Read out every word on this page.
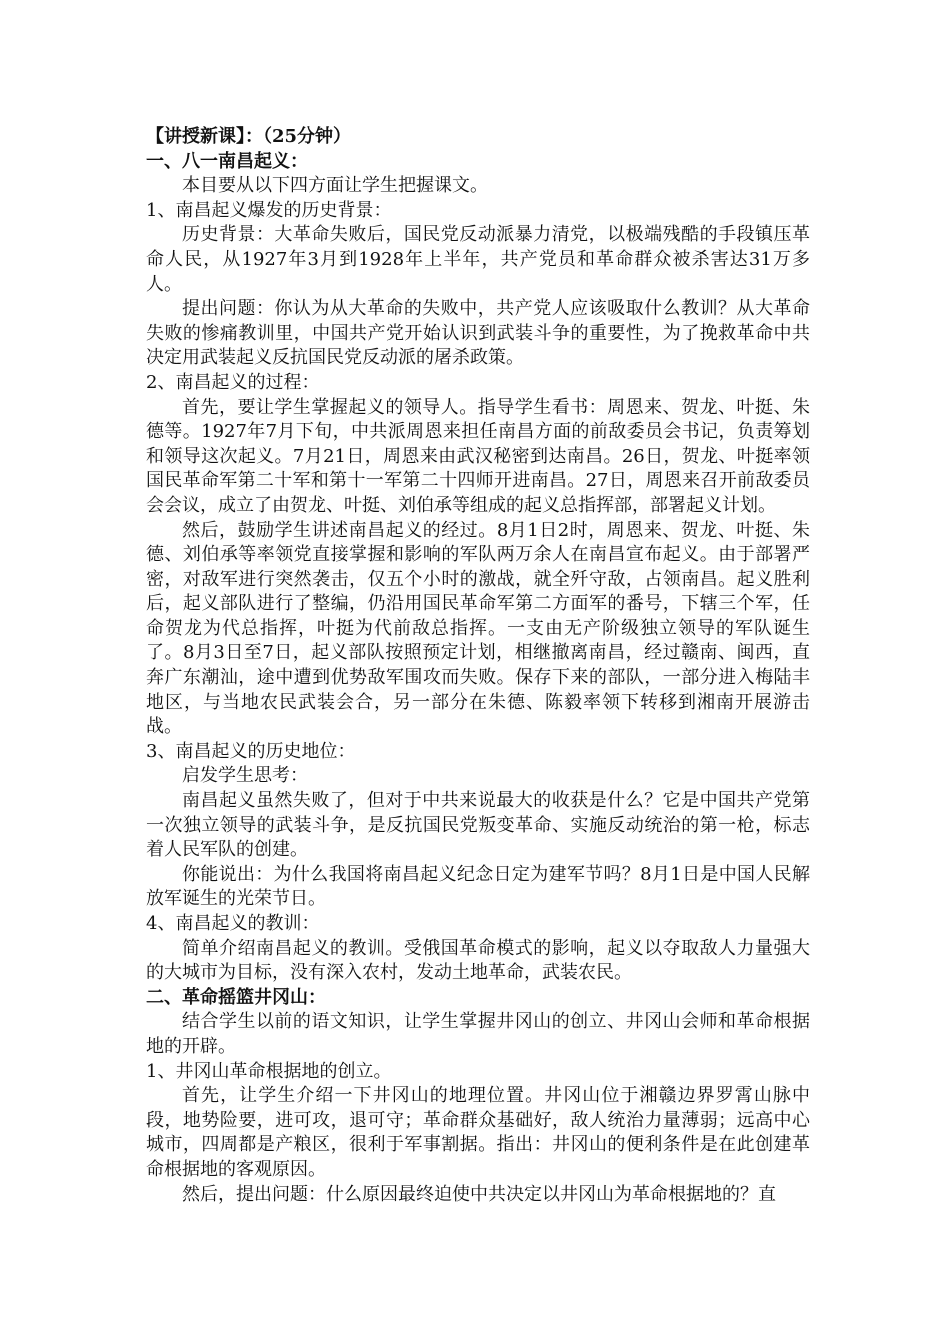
【讲授新课】：（25分钟）

一、八一南昌起义：

本目要从以下四方面让学生把握课文。

1、南昌起义爆发的历史背景：

历史背景：大革命失败后，国民党反动派暴力清党，以极端残酷的手段镇压革命人民，从1927年3月到1928年上半年，共产党员和革命群众被杀害达31万多人。

提出问题：你认为从大革命的失败中，共产党人应该吸取什么教训？从大革命失败的惨痛教训里，中国共产党开始认识到武装斗争的重要性，为了挽救革命中共决定用武装起义反抗国民党反动派的屠杀政策。

2、南昌起义的过程：

首先，要让学生掌握起义的领导人。指导学生看书：周恩来、贺龙、叶挺、朱德等。1927年7月下旬，中共派周恩来担任南昌方面的前敌委员会书记，负责筹划和领导这次起义。7月21日，周恩来由武汉秘密到达南昌。26日，贺龙、叶挺率领国民革命军第二十军和第十一军第二十四师开进南昌。27日，周恩来召开前敌委员会会议，成立了由贺龙、叶挺、刘伯承等组成的起义总指挥部，部署起义计划。

然后，鼓励学生讲述南昌起义的经过。8月1日2时，周恩来、贺龙、叶挺、朱德、刘伯承等率领党直接掌握和影响的军队两万余人在南昌宣布起义。由于部署严密，对敌军进行突然袭击，仅五个小时的激战，就全歼守敌，占领南昌。起义胜利后，起义部队进行了整编，仍沿用国民革命军第二方面军的番号，下辖三个军，任命贺龙为代总指挥，叶挺为代前敌总指挥。一支由无产阶级独立领导的军队诞生了。8月3日至7日，起义部队按照预定计划，相继撤离南昌，经过赣南、闽西，直奔广东潮汕，途中遭到优势敌军围攻而失败。保存下来的部队，一部分进入梅陆丰地区，与当地农民武装会合，另一部分在朱德、陈毅率领下转移到湘南开展游击战。

3、南昌起义的历史地位：

启发学生思考：

南昌起义虽然失败了，但对于中共来说最大的收获是什么？它是中国共产党第一次独立领导的武装斗争，是反抗国民党叛变革命、实施反动统治的第一枪，标志着人民军队的创建。

你能说出：为什么我国将南昌起义纪念日定为建军节吗？8月1日是中国人民解放军诞生的光荣节日。

4、南昌起义的教训：

简单介绍南昌起义的教训。受俄国革命模式的影响，起义以夺取敌人力量强大的大城市为目标，没有深入农村，发动土地革命，武装农民。

二、革命摇篮井冈山：

结合学生以前的语文知识，让学生掌握井冈山的创立、井冈山会师和革命根据地的开辟。

1、井冈山革命根据地的创立。

首先，让学生介绍一下井冈山的地理位置。井冈山位于湘赣边界罗霄山脉中段，地势险要，进可攻，退可守；革命群众基础好，敌人统治力量薄弱；远高中心城市，四周都是产粮区，很利于军事割据。指出：井冈山的便利条件是在此创建革命根据地的客观原因。

然后，提出问题：什么原因最终迫使中共决定以井冈山为革命根据地的？直
